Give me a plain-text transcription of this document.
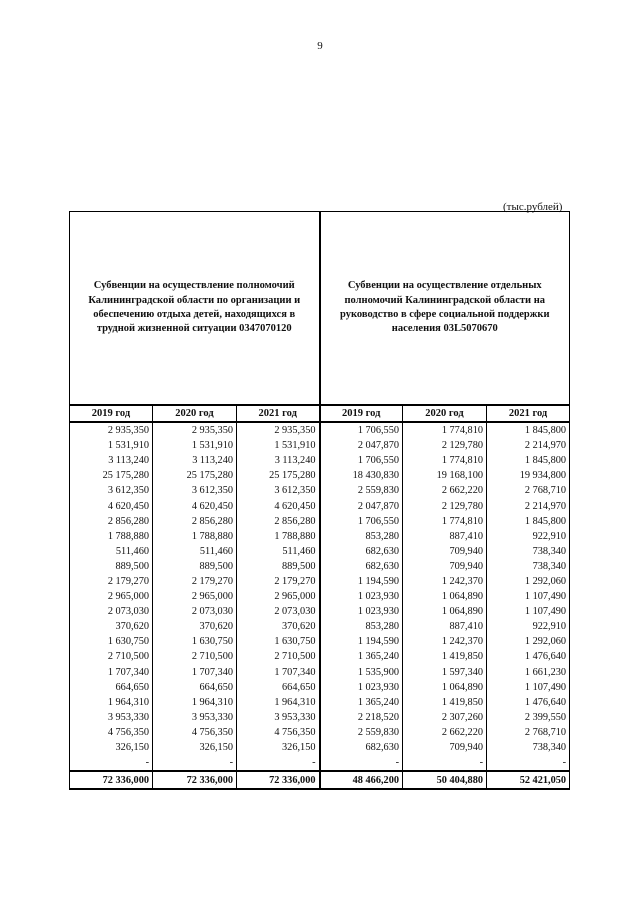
9
(тыс.рублей)
Субвенции на осуществление полномочий Калининградской области по организации и обеспечению отдыха детей, находящихся в трудной жизненной ситуации 0347070120			Субвенции на осуществление отдельных полномочий Калининградской области на руководство в сфере социальной поддержки населения 03L5070670		
2019 год	2020 год	2021 год	2019 год	2020 год	2021 год
2 935,350	2 935,350	2 935,350	1 706,550	1 774,810	1 845,800
1 531,910	1 531,910	1 531,910	2 047,870	2 129,780	2 214,970
3 113,240	3 113,240	3 113,240	1 706,550	1 774,810	1 845,800
25 175,280	25 175,280	25 175,280	18 430,830	19 168,100	19 934,800
3 612,350	3 612,350	3 612,350	2 559,830	2 662,220	2 768,710
4 620,450	4 620,450	4 620,450	2 047,870	2 129,780	2 214,970
2 856,280	2 856,280	2 856,280	1 706,550	1 774,810	1 845,800
1 788,880	1 788,880	1 788,880	853,280	887,410	922,910
511,460	511,460	511,460	682,630	709,940	738,340
889,500	889,500	889,500	682,630	709,940	738,340
2 179,270	2 179,270	2 179,270	1 194,590	1 242,370	1 292,060
2 965,000	2 965,000	2 965,000	1 023,930	1 064,890	1 107,490
2 073,030	2 073,030	2 073,030	1 023,930	1 064,890	1 107,490
370,620	370,620	370,620	853,280	887,410	922,910
1 630,750	1 630,750	1 630,750	1 194,590	1 242,370	1 292,060
2 710,500	2 710,500	2 710,500	1 365,240	1 419,850	1 476,640
1 707,340	1 707,340	1 707,340	1 535,900	1 597,340	1 661,230
664,650	664,650	664,650	1 023,930	1 064,890	1 107,490
1 964,310	1 964,310	1 964,310	1 365,240	1 419,850	1 476,640
3 953,330	3 953,330	3 953,330	2 218,520	2 307,260	2 399,550
4 756,350	4 756,350	4 756,350	2 559,830	2 662,220	2 768,710
326,150	326,150	326,150	682,630	709,940	738,340
-	-	-	-	-	-
72 336,000	72 336,000	72 336,000	48 466,200	50 404,880	52 421,050
